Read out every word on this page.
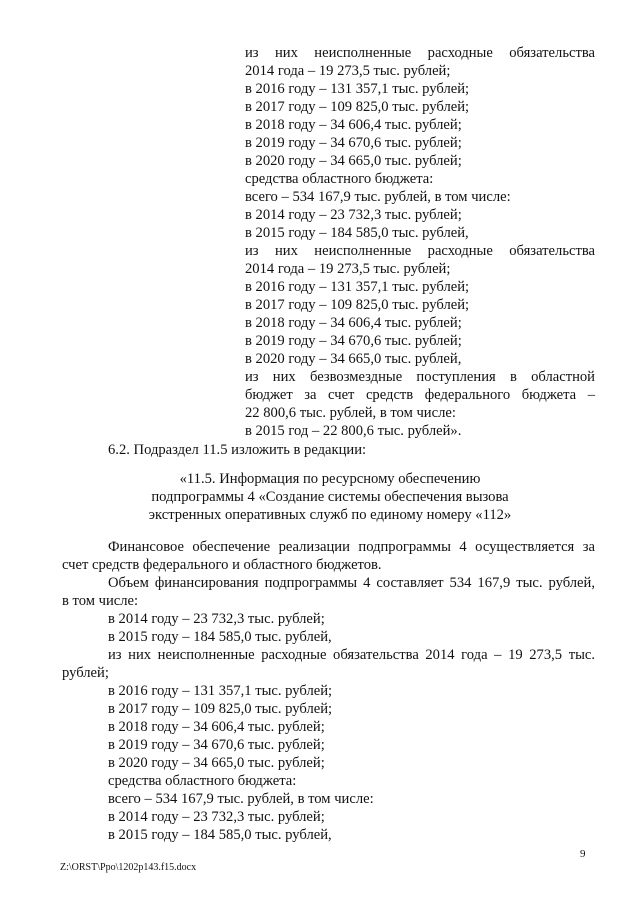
из них неисполненные расходные обязательства
2014 года – 19 273,5 тыс. рублей;
в 2016 году – 131 357,1 тыс. рублей;
в 2017 году – 109 825,0 тыс. рублей;
в 2018 году – 34 606,4 тыс. рублей;
в 2019 году – 34 670,6 тыс. рублей;
в 2020 году – 34 665,0 тыс. рублей;
средства областного бюджета:
всего – 534 167,9 тыс. рублей, в том числе:
в 2014 году – 23 732,3 тыс. рублей;
в 2015 году – 184 585,0 тыс. рублей,
из них неисполненные расходные обязательства
2014 года – 19 273,5 тыс. рублей;
в 2016 году – 131 357,1 тыс. рублей;
в 2017 году – 109 825,0 тыс. рублей;
в 2018 году – 34 606,4 тыс. рублей;
в 2019 году – 34 670,6 тыс. рублей;
в 2020 году – 34 665,0 тыс. рублей,
из них безвозмездные поступления в областной
бюджет за счет средств федерального бюджета –
22 800,6 тыс. рублей, в том числе:
в 2015 год – 22 800,6 тыс. рублей».
6.2. Подраздел 11.5 изложить в редакции:
«11.5. Информация по ресурсному обеспечению
подпрограммы 4 «Создание системы обеспечения вызова
экстренных оперативных служб по единому номеру «112»
Финансовое обеспечение реализации подпрограммы 4 осуществляется за
счет средств федерального и областного бюджетов.
Объем финансирования подпрограммы 4 составляет 534 167,9 тыс. рублей,
в том числе:
в 2014 году – 23 732,3 тыс. рублей;
в 2015 году – 184 585,0 тыс. рублей,
из них неисполненные расходные обязательства 2014 года – 19 273,5 тыс.
рублей;
в 2016 году – 131 357,1 тыс. рублей;
в 2017 году – 109 825,0 тыс. рублей;
в 2018 году – 34 606,4 тыс. рублей;
в 2019 году – 34 670,6 тыс. рублей;
в 2020 году – 34 665,0 тыс. рублей;
средства областного бюджета:
всего – 534 167,9 тыс. рублей, в том числе:
в 2014 году – 23 732,3 тыс. рублей;
в 2015 году – 184 585,0 тыс. рублей,
9
Z:\ORST\Ppo\1202p143.f15.docx
